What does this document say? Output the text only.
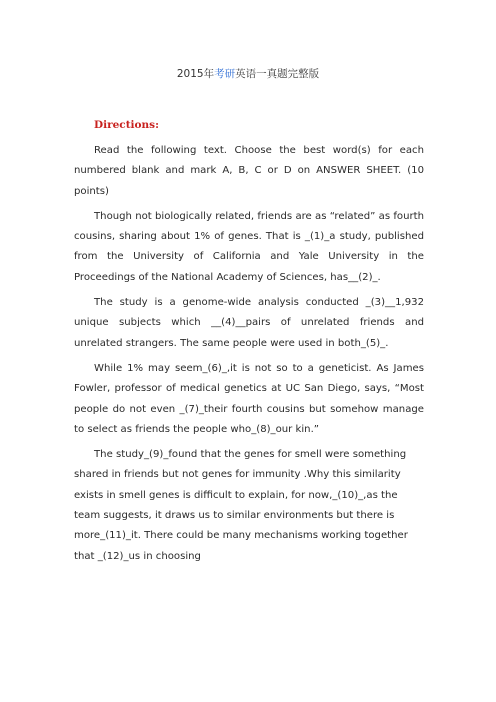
2015年考研英语一真题完整版
Directions:

Read the following text. Choose the best word(s) for each numbered blank and mark A, B, C or D on ANSWER SHEET. (10 points)

Though not biologically related, friends are as “related” as fourth cousins, sharing about 1% of genes. That is _(1)_a study, published from the University of California and Yale University in the Proceedings of the National Academy of Sciences, has__(2)_.

The study is a genome-wide analysis conducted _(3)__1,932 unique subjects which __(4)__pairs of unrelated friends and unrelated strangers. The same people were used in both_(5)_.

While 1% may seem_(6)_,it is not so to a geneticist. As James Fowler, professor of medical genetics at UC San Diego, says, “Most people do not even _(7)_their fourth cousins but somehow manage to select as friends the people who_(8)_our kin.”

The study_(9)_found that the genes for smell were something shared in friends but not genes for immunity .Why this similarity exists in smell genes is difficult to explain, for now,_(10)_,as the team suggests, it draws us to similar environments but there is more_(11)_it. There could be many mechanisms working together that _(12)_us in choosing
